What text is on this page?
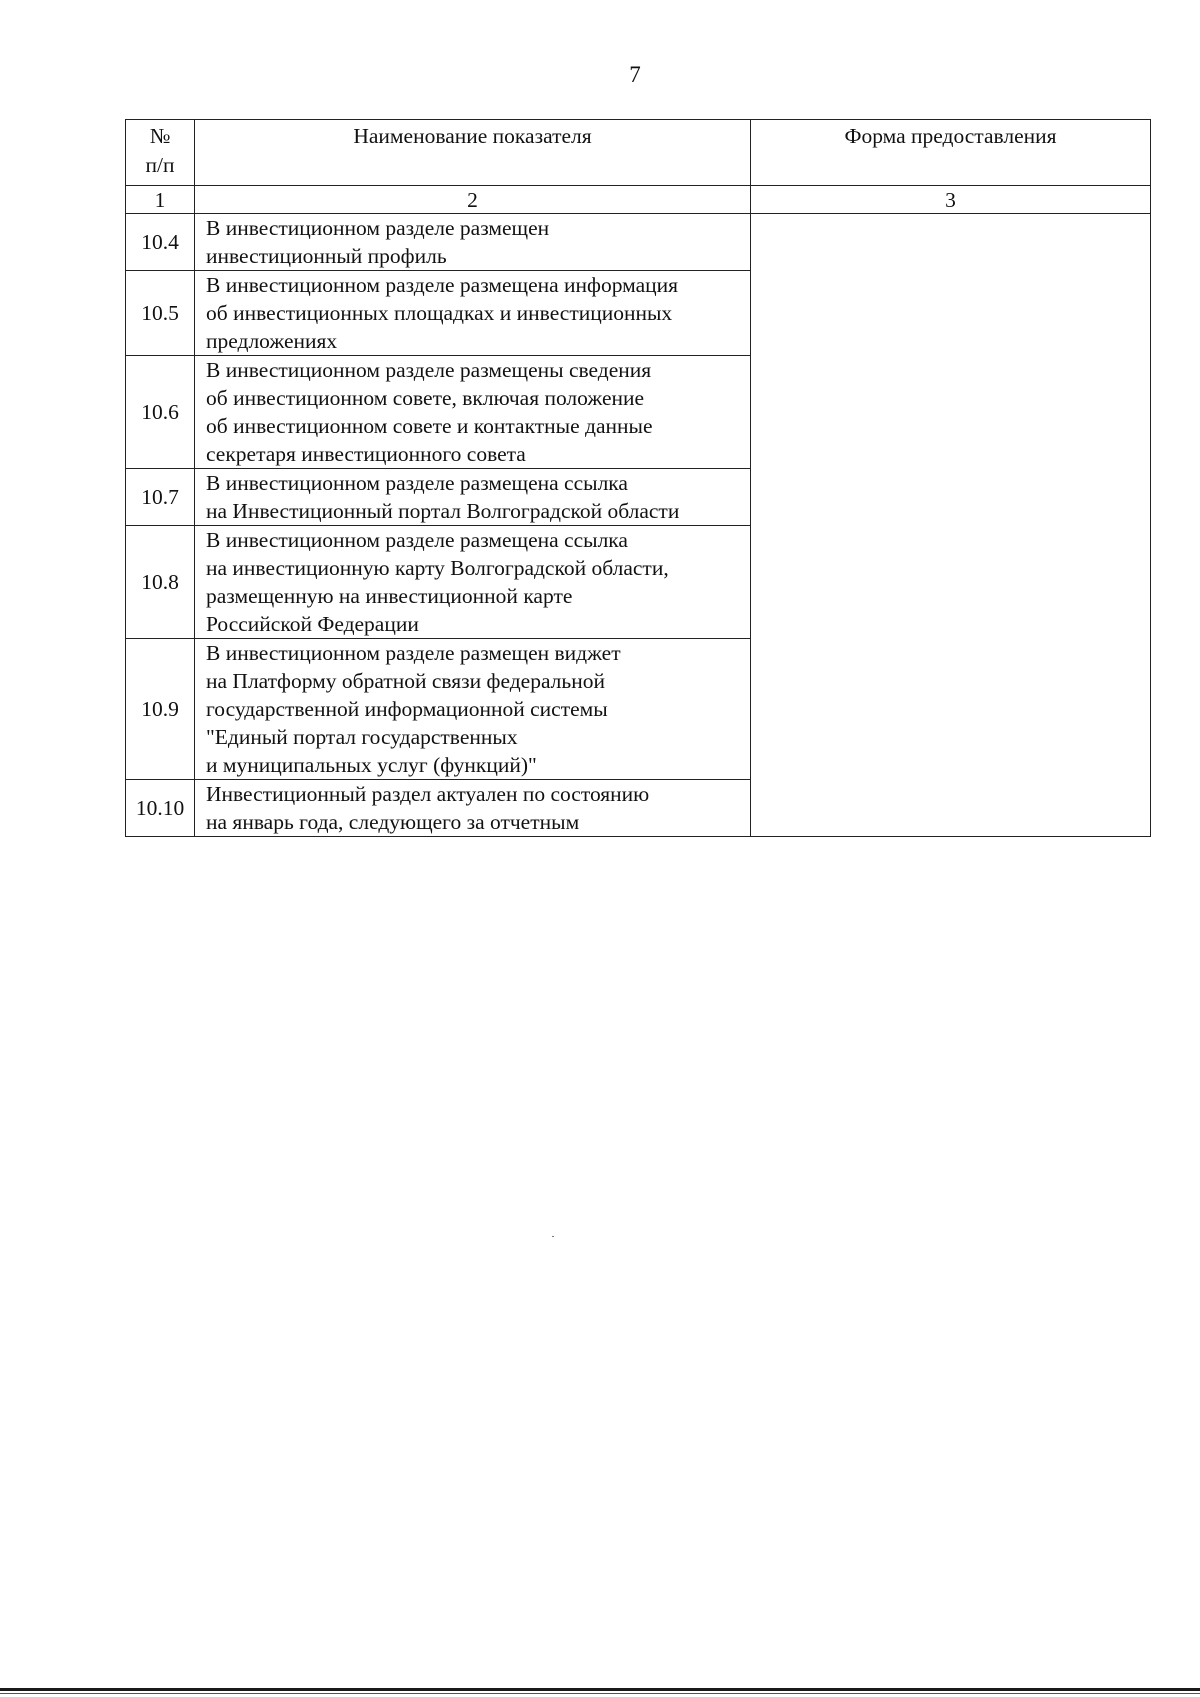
7
№
п/п	Наименование показателя	Форма предоставления
1	2	3
10.4	В инвестиционном разделе размещен
инвестиционный профиль	
10.5	В инвестиционном разделе размещена информация
об инвестиционных площадках и инвестиционных
предложениях	
10.6	В инвестиционном разделе размещены сведения
об инвестиционном совете, включая положение
об инвестиционном совете и контактные данные
секретаря инвестиционного совета	
10.7	В инвестиционном разделе размещена ссылка
на Инвестиционный портал Волгоградской области	
10.8	В инвестиционном разделе размещена ссылка
на инвестиционную карту Волгоградской области,
размещенную на инвестиционной карте
Российской Федерации	
10.9	В инвестиционном разделе размещен виджет
на Платформу обратной связи федеральной
государственной информационной системы
"Единый портал государственных
и муниципальных услуг (функций)"	
10.10	Инвестиционный раздел актуален по состоянию
на январь года, следующего за отчетным	
